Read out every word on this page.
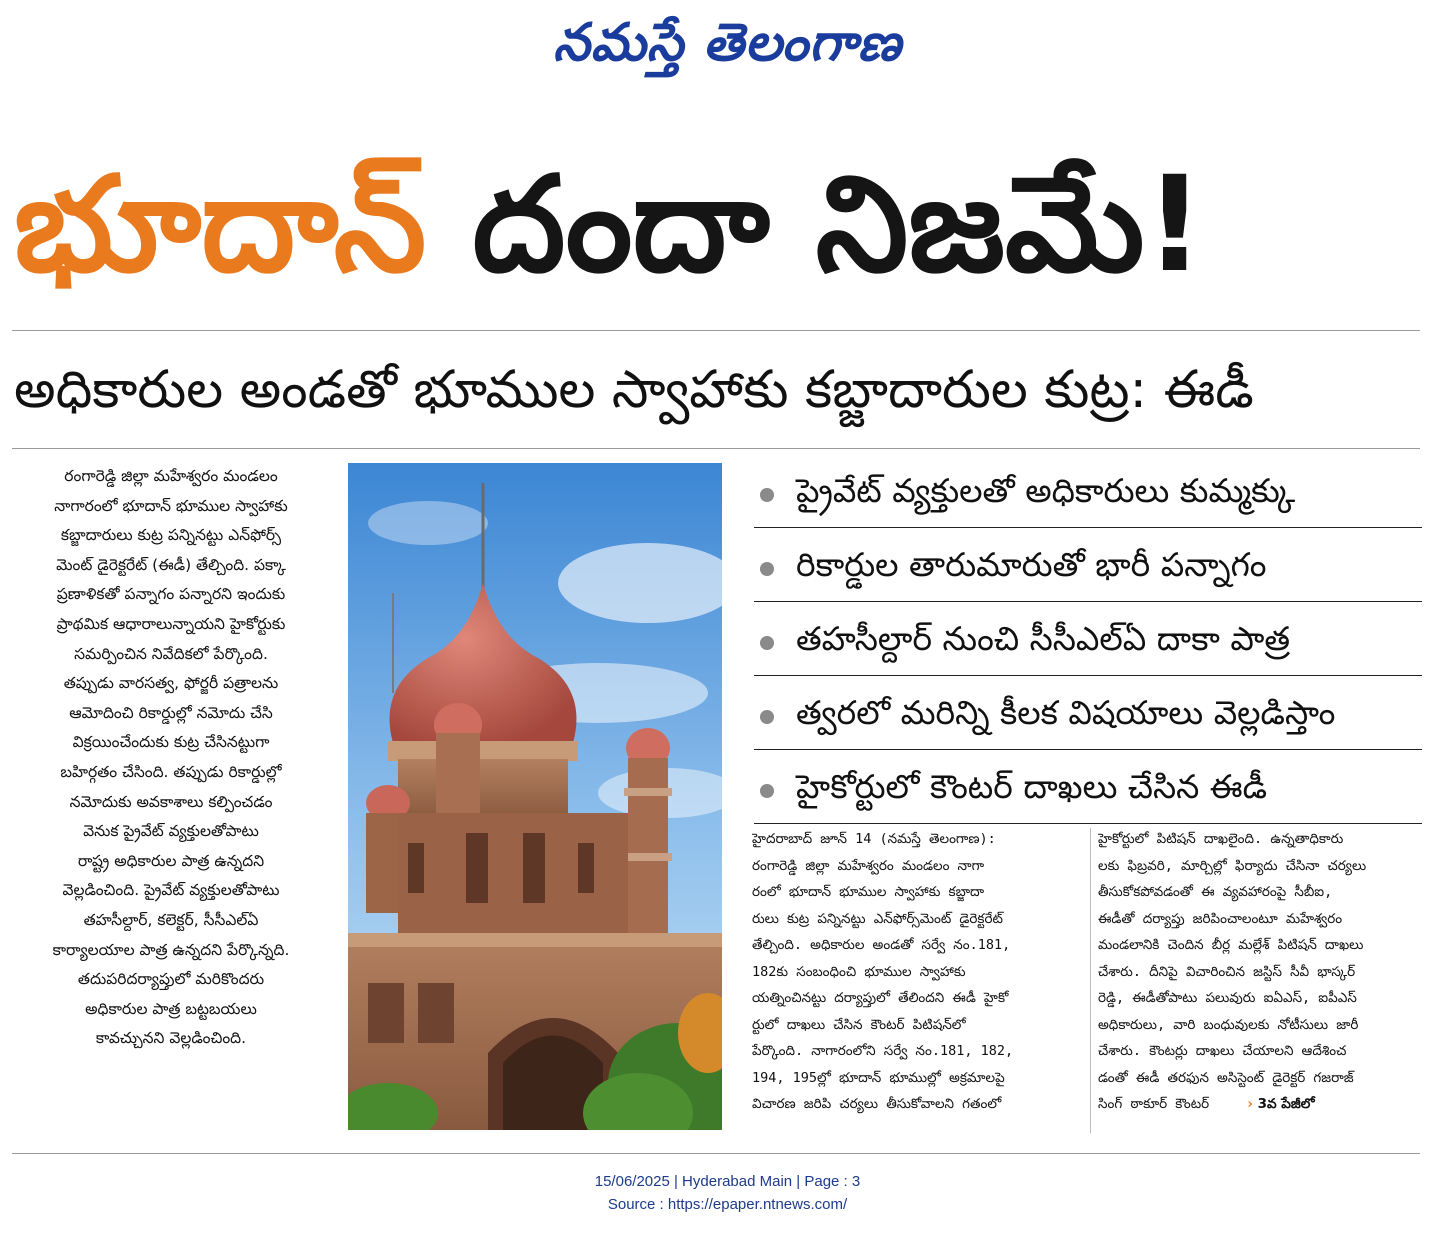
నమస్తే తెలంగాణ
భూదాన్ దందా నిజమే!
అధికారుల అండతో భూముల స్వాహాకు కబ్జాదారుల కుట్ర: ఈడీ
రంగారెడ్డి జిల్లా మహేశ్వరం మండలం
నాగారంలో భూదాన్ భూముల స్వాహాకు
కబ్జాదారులు కుట్ర పన్నినట్టు ఎన్‌ఫోర్స్
మెంట్ డైరెక్టరేట్ (ఈడీ) తేల్చింది. పక్కా
ప్రణాళికతో పన్నాగం పన్నారని ఇందుకు
ప్రాథమిక ఆధారాలున్నాయని హైకోర్టుకు
సమర్పించిన నివేదికలో పేర్కొంది.
తప్పుడు వారసత్వ, ఫోర్జరీ పత్రాలను
ఆమోదించి రికార్డుల్లో నమోదు చేసి
విక్రయించేందుకు కుట్ర చేసినట్టుగా
బహిర్గతం చేసింది. తప్పుడు రికార్డుల్లో
నమోదుకు అవకాశాలు కల్పించడం
వెనుక ప్రైవేట్ వ్యక్తులతోపాటు
రాష్ట్ర అధికారుల పాత్ర ఉన్నదని
వెల్లడించింది. ప్రైవేట్ వ్యక్తులతోపాటు
తహసీల్దార్, కలెక్టర్, సీసీఎల్‌ఏ
కార్యాలయాల పాత్ర ఉన్నదని పేర్కొన్నది.
తదుపరిదర్యాప్తులో మరికొందరు
అధికారుల పాత్ర బట్టబయలు
కావచ్చునని వెల్లడించింది.
ప్రైవేట్ వ్యక్తులతో అధికారులు కుమ్మక్కు
రికార్డుల తారుమారుతో భారీ పన్నాగం
తహసీల్దార్ నుంచి సీసీఎల్‌ఏ దాకా పాత్ర
త్వరలో మరిన్ని కీలక విషయాలు వెల్లడిస్తాం
హైకోర్టులో కౌంటర్ దాఖలు చేసిన ఈడీ
హైదరాబాద్ జూన్ 14 (నమస్తే తెలంగాణ):
రంగారెడ్డి జిల్లా మహేశ్వరం మండలం నాగా
రంలో భూదాన్ భూముల స్వాహాకు కబ్జాదా
రులు కుట్ర పన్నినట్టు ఎన్‌ఫోర్స్‌మెంట్ డైరెక్టరేట్
తేల్చింది. అధికారుల అండతో సర్వే నం.181,
182కు సంబంధించి భూముల స్వాహాకు
యత్నించినట్టు దర్యాప్తులో తేలిందని ఈడీ హైకో
ర్టులో దాఖలు చేసిన కౌంటర్ పిటిషన్‌లో
పేర్కొంది. నాగారంలోని సర్వే నం.181, 182,
194, 195ల్లో భూదాన్ భూముల్లో అక్రమాలపై
విచారణ జరిపి చర్యలు తీసుకోవాలని గతంలో
హైకోర్టులో పిటిషన్ దాఖలైంది. ఉన్నతాధికారు
లకు ఫిబ్రవరి, మార్చిల్లో ఫిర్యాదు చేసినా చర్యలు
తీసుకోకపోవడంతో ఈ వ్యవహారంపై సీబీఐ,
ఈడీతో దర్యాప్తు జరిపించాలంటూ మహేశ్వరం
మండలానికి చెందిన బీర్ల మల్లేశ్ పిటిషన్ దాఖలు
చేశారు. దీనిపై విచారించిన జస్టిస్ సీవీ భాస్కర్
రెడ్డి, ఈడీతోపాటు పలువురు ఐఏఎస్, ఐపీఎస్
అధికారులు, వారి బంధువులకు నోటీసులు జారీ
చేశారు. కౌంటర్లు దాఖలు చేయాలని ఆదేశించ
డంతో ఈడీ తరఫున అసిస్టెంట్ డైరెక్టర్ గజరాజ్
సింగ్ ఠాకూర్ కౌంటర్	› 3వ పేజీలో
15/06/2025 | Hyderabad Main | Page : 3
Source : https://epaper.ntnews.com/
